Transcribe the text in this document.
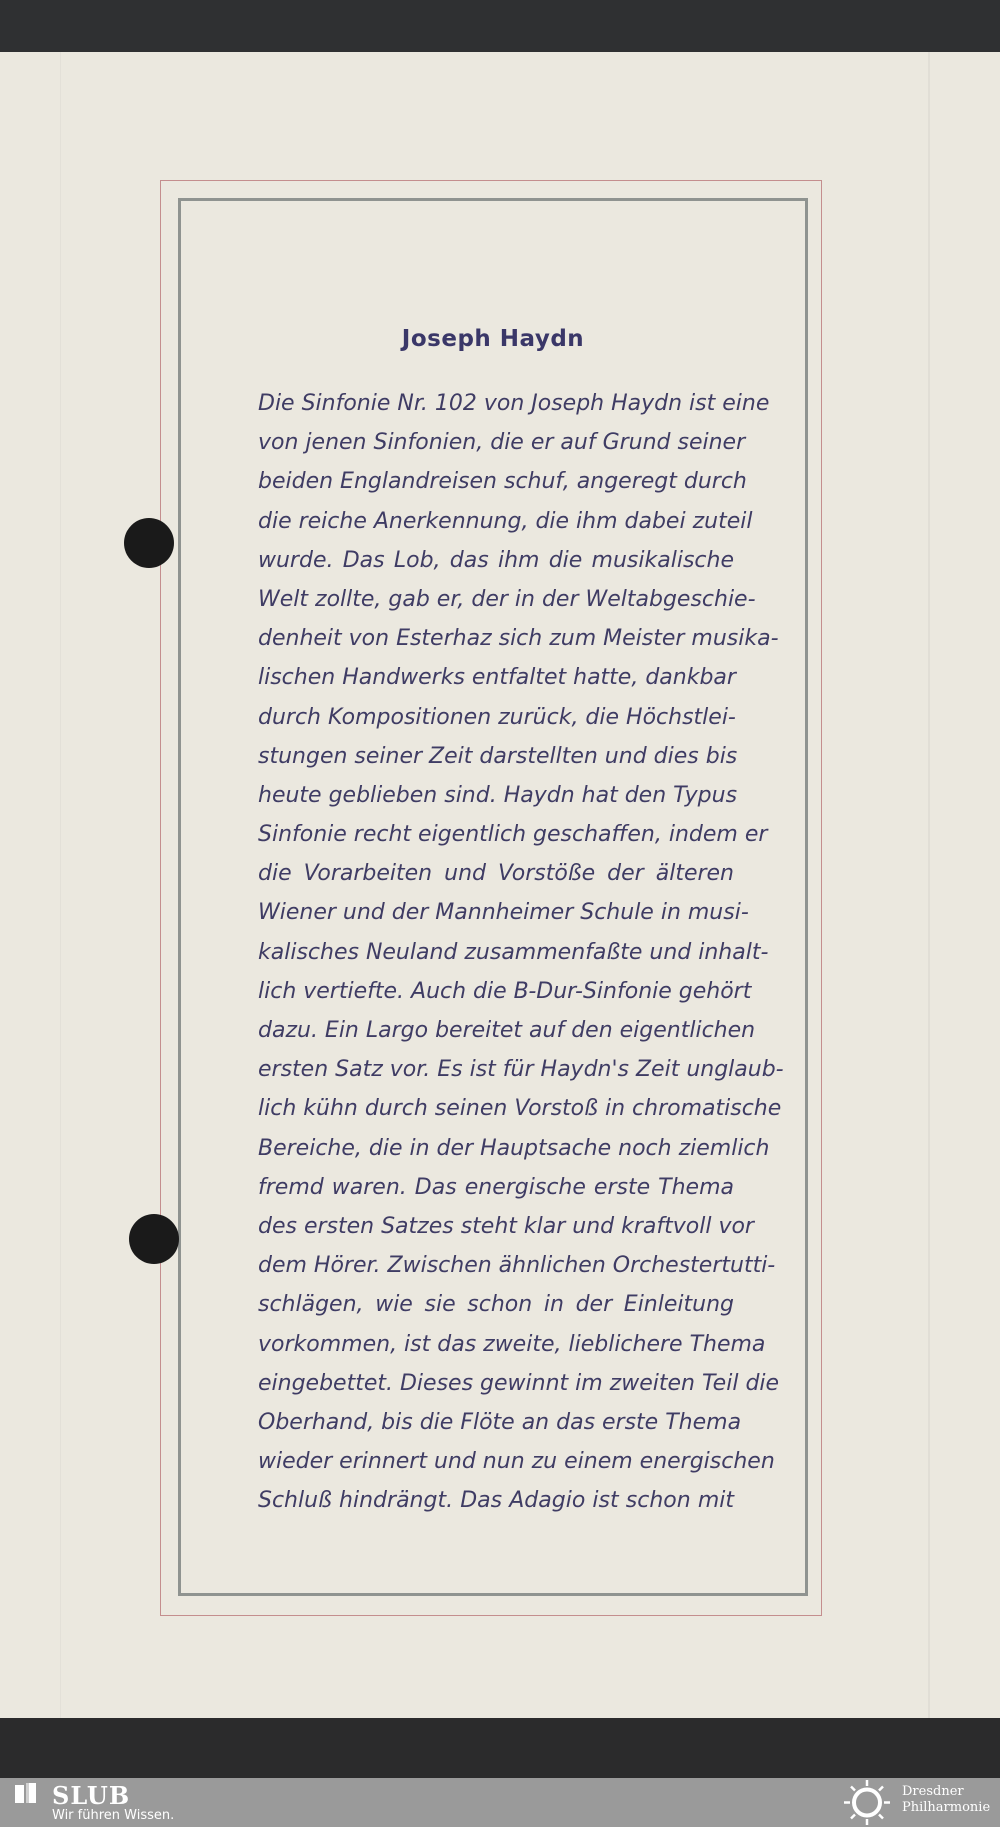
Joseph Haydn
Die Sinfonie Nr. 102 von Joseph Haydn ist eine
von jenen Sinfonien, die er auf Grund seiner
beiden Englandreisen schuf, angeregt durch
die reiche Anerkennung, die ihm dabei zuteil
wurde. Das Lob, das ihm die musikalische
Welt zollte, gab er, der in der Weltabgeschie-
denheit von Esterhaz sich zum Meister musika-
lischen Handwerks entfaltet hatte, dankbar
durch Kompositionen zurück, die Höchstlei-
stungen seiner Zeit darstellten und dies bis
heute geblieben sind. Haydn hat den Typus
Sinfonie recht eigentlich geschaffen, indem er
die Vorarbeiten und Vorstöße der älteren
Wiener und der Mannheimer Schule in musi-
kalisches Neuland zusammenfaßte und inhalt-
lich vertiefte. Auch die B-Dur-Sinfonie gehört
dazu. Ein Largo bereitet auf den eigentlichen
ersten Satz vor. Es ist für Haydn's Zeit unglaub-
lich kühn durch seinen Vorstoß in chromatische
Bereiche, die in der Hauptsache noch ziemlich
fremd waren. Das energische erste Thema
des ersten Satzes steht klar und kraftvoll vor
dem Hörer. Zwischen ähnlichen Orchestertutti-
schlägen, wie sie schon in der Einleitung
vorkommen, ist das zweite, lieblichere Thema
eingebettet. Dieses gewinnt im zweiten Teil die
Oberhand, bis die Flöte an das erste Thema
wieder erinnert und nun zu einem energischen
Schluß hindrängt. Das Adagio ist schon mit
SLUB
Wir führen Wissen.
Dresdner
Philharmonie
